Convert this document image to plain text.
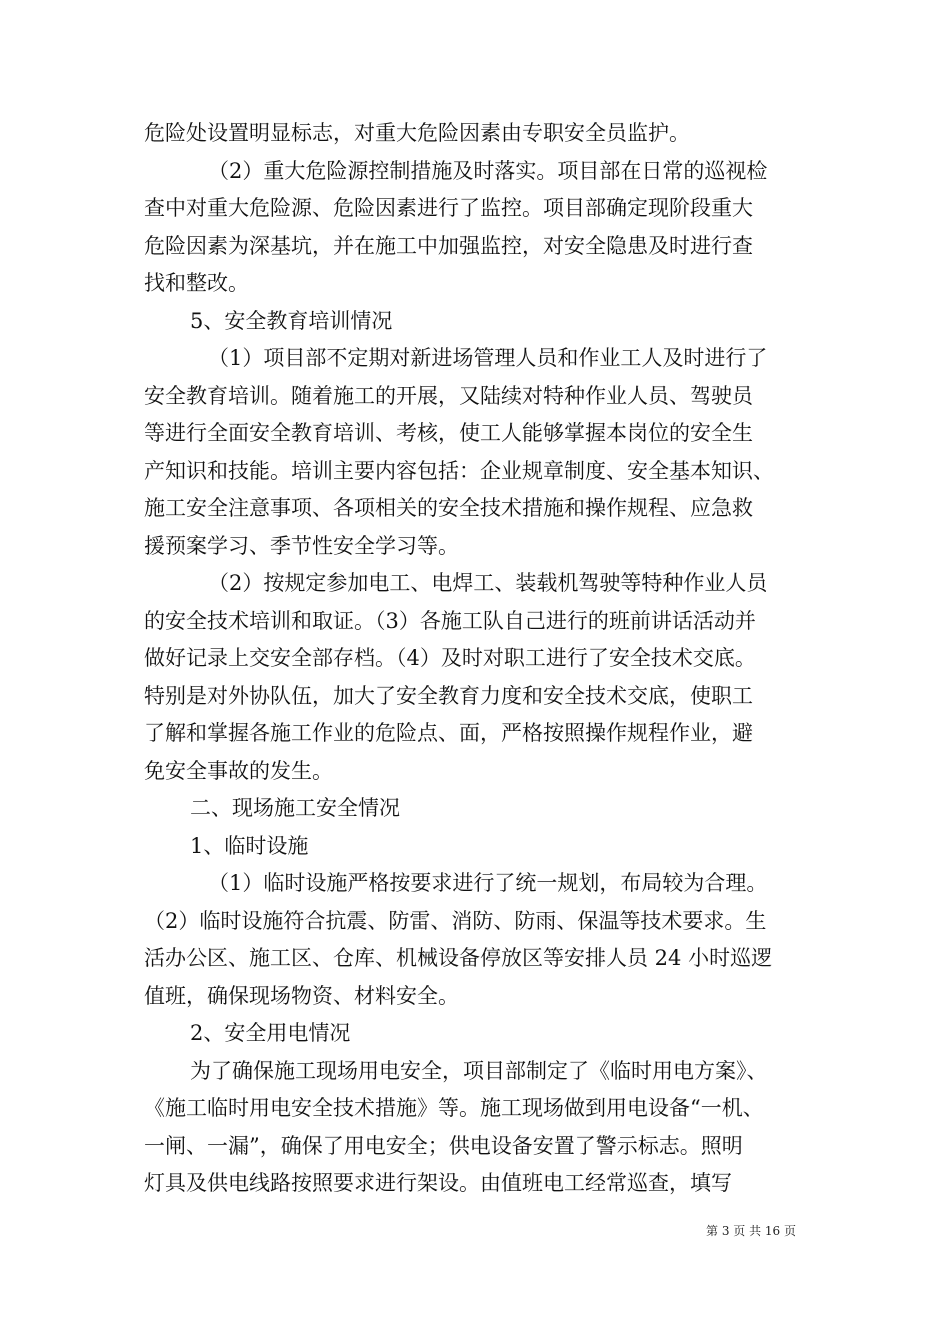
危险处设置明显标志，对重大危险因素由专职安全员监护。
（2）重大危险源控制措施及时落实。项目部在日常的巡视检
查中对重大危险源、危险因素进行了监控。项目部确定现阶段重大
危险因素为深基坑，并在施工中加强监控，对安全隐患及时进行查
找和整改。
5、安全教育培训情况
（1）项目部不定期对新进场管理人员和作业工人及时进行了
安全教育培训。随着施工的开展，又陆续对特种作业人员、驾驶员
等进行全面安全教育培训、考核，使工人能够掌握本岗位的安全生
产知识和技能。培训主要内容包括：企业规章制度、安全基本知识、
施工安全注意事项、各项相关的安全技术措施和操作规程、应急救
援预案学习、季节性安全学习等。
（2）按规定参加电工、电焊工、装载机驾驶等特种作业人员
的安全技术培训和取证。（3）各施工队自己进行的班前讲话活动并
做好记录上交安全部存档。（4）及时对职工进行了安全技术交底。
特别是对外协队伍，加大了安全教育力度和安全技术交底，使职工
了解和掌握各施工作业的危险点、面，严格按照操作规程作业，避
免安全事故的发生。
二、现场施工安全情况
1、临时设施
（1）临时设施严格按要求进行了统一规划，布局较为合理。
（2）临时设施符合抗震、防雷、消防、防雨、保温等技术要求。生
活办公区、施工区、仓库、机械设备停放区等安排人员 24 小时巡逻
值班，确保现场物资、材料安全。
2、安全用电情况
为了确保施工现场用电安全，项目部制定了《临时用电方案》、
《施工临时用电安全技术措施》等。施工现场做到用电设备“一机、
一闸、一漏”，确保了用电安全；供电设备安置了警示标志。照明
灯具及供电线路按照要求进行架设。由值班电工经常巡查，填写
第 3 页 共 16 页
